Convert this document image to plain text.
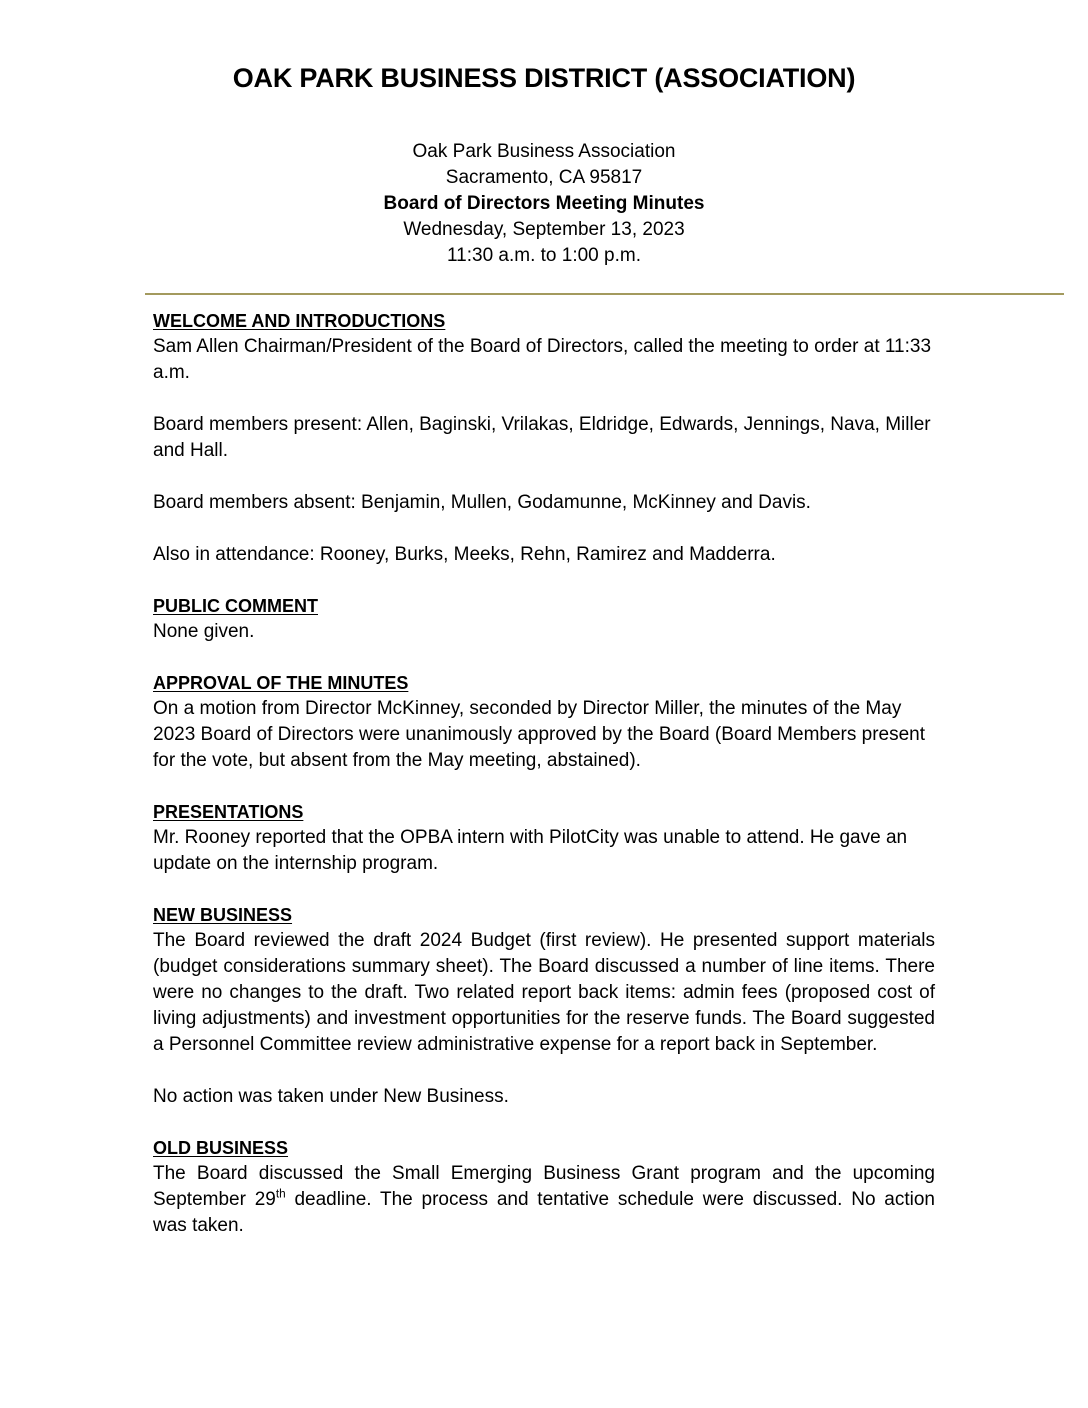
OAK PARK BUSINESS DISTRICT (ASSOCIATION)
Oak Park Business Association
Sacramento, CA 95817
Board of Directors Meeting Minutes
Wednesday, September 13, 2023
11:30 a.m. to 1:00 p.m.
WELCOME AND INTRODUCTIONS

Sam Allen Chairman/President of the Board of Directors, called the meeting to order at 11:33 a.m.

Board members present: Allen, Baginski, Vrilakas, Eldridge, Edwards, Jennings, Nava, Miller and Hall.

Board members absent: Benjamin, Mullen, Godamunne, McKinney and Davis.

Also in attendance: Rooney, Burks, Meeks, Rehn, Ramirez and Madderra.

PUBLIC COMMENT

None given.

APPROVAL OF THE MINUTES

On a motion from Director McKinney, seconded by Director Miller, the minutes of the May 2023 Board of Directors were unanimously approved by the Board (Board Members present for the vote, but absent from the May meeting, abstained).

PRESENTATIONS

Mr. Rooney reported that the OPBA intern with PilotCity was unable to attend. He gave an update on the internship program.

NEW BUSINESS

The Board reviewed the draft 2024 Budget (first review). He presented support materials (budget considerations summary sheet). The Board discussed a number of line items. There were no changes to the draft. Two related report back items: admin fees (proposed cost of living adjustments) and investment opportunities for the reserve funds. The Board suggested a Personnel Committee review administrative expense for a report back in September.

No action was taken under New Business.

OLD BUSINESS

The Board discussed the Small Emerging Business Grant program and the upcoming September 29th deadline. The process and tentative schedule were discussed. No action was taken.
